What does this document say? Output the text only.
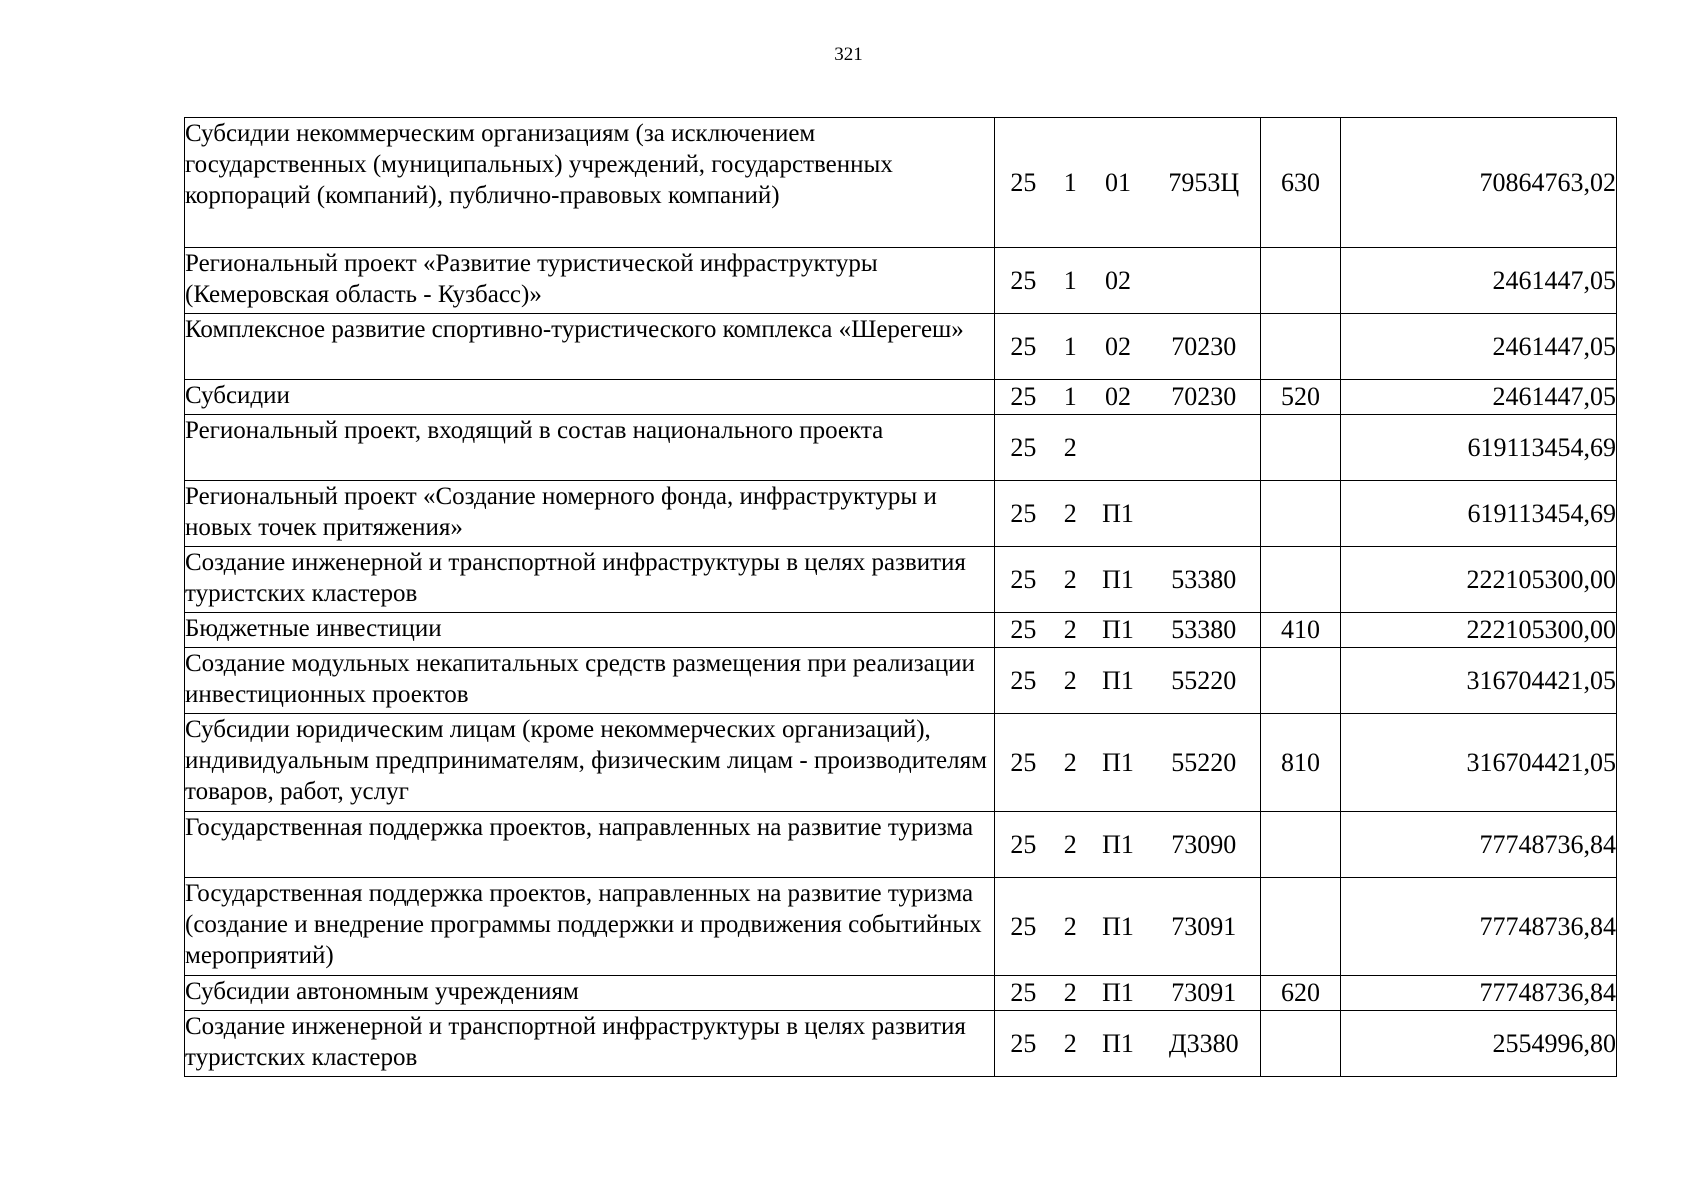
321
Субсидии некоммерческим организациям (за исключением государственных (муниципальных) учреждений, государственных корпораций (компаний), публично-правовых компаний)	25 1 01 7953Ц	630	70864763,02
Региональный проект «Развитие туристической инфраструктуры (Кемеровская область - Кузбасс)»	25 1 02		2461447,05
Комплексное развитие спортивно-туристического комплекса «Шерегеш»	25 1 02 70230		2461447,05
Субсидии	25 1 02 70230	520	2461447,05
Региональный проект, входящий в состав национального проекта	25 2		619113454,69
Региональный проект «Создание номерного фонда, инфраструктуры и новых точек притяжения»	25 2 П1		619113454,69
Создание инженерной и транспортной инфраструктуры в целях развития туристских кластеров	25 2 П1 53380		222105300,00
Бюджетные инвестиции	25 2 П1 53380	410	222105300,00
Создание модульных некапитальных средств размещения при реализации инвестиционных проектов	25 2 П1 55220		316704421,05
Субсидии юридическим лицам (кроме некоммерческих организаций), индивидуальным предпринимателям, физическим лицам - производителям товаров, работ, услуг	25 2 П1 55220	810	316704421,05
Государственная поддержка проектов, направленных на развитие туризма	25 2 П1 73090		77748736,84
Государственная поддержка проектов, направленных на развитие туризма (создание и внедрение программы поддержки и продвижения событийных мероприятий)	25 2 П1 73091		77748736,84
Субсидии автономным учреждениям	25 2 П1 73091	620	77748736,84
Создание инженерной и транспортной инфраструктуры в целях развития туристских кластеров	25 2 П1 Д3380		2554996,80
